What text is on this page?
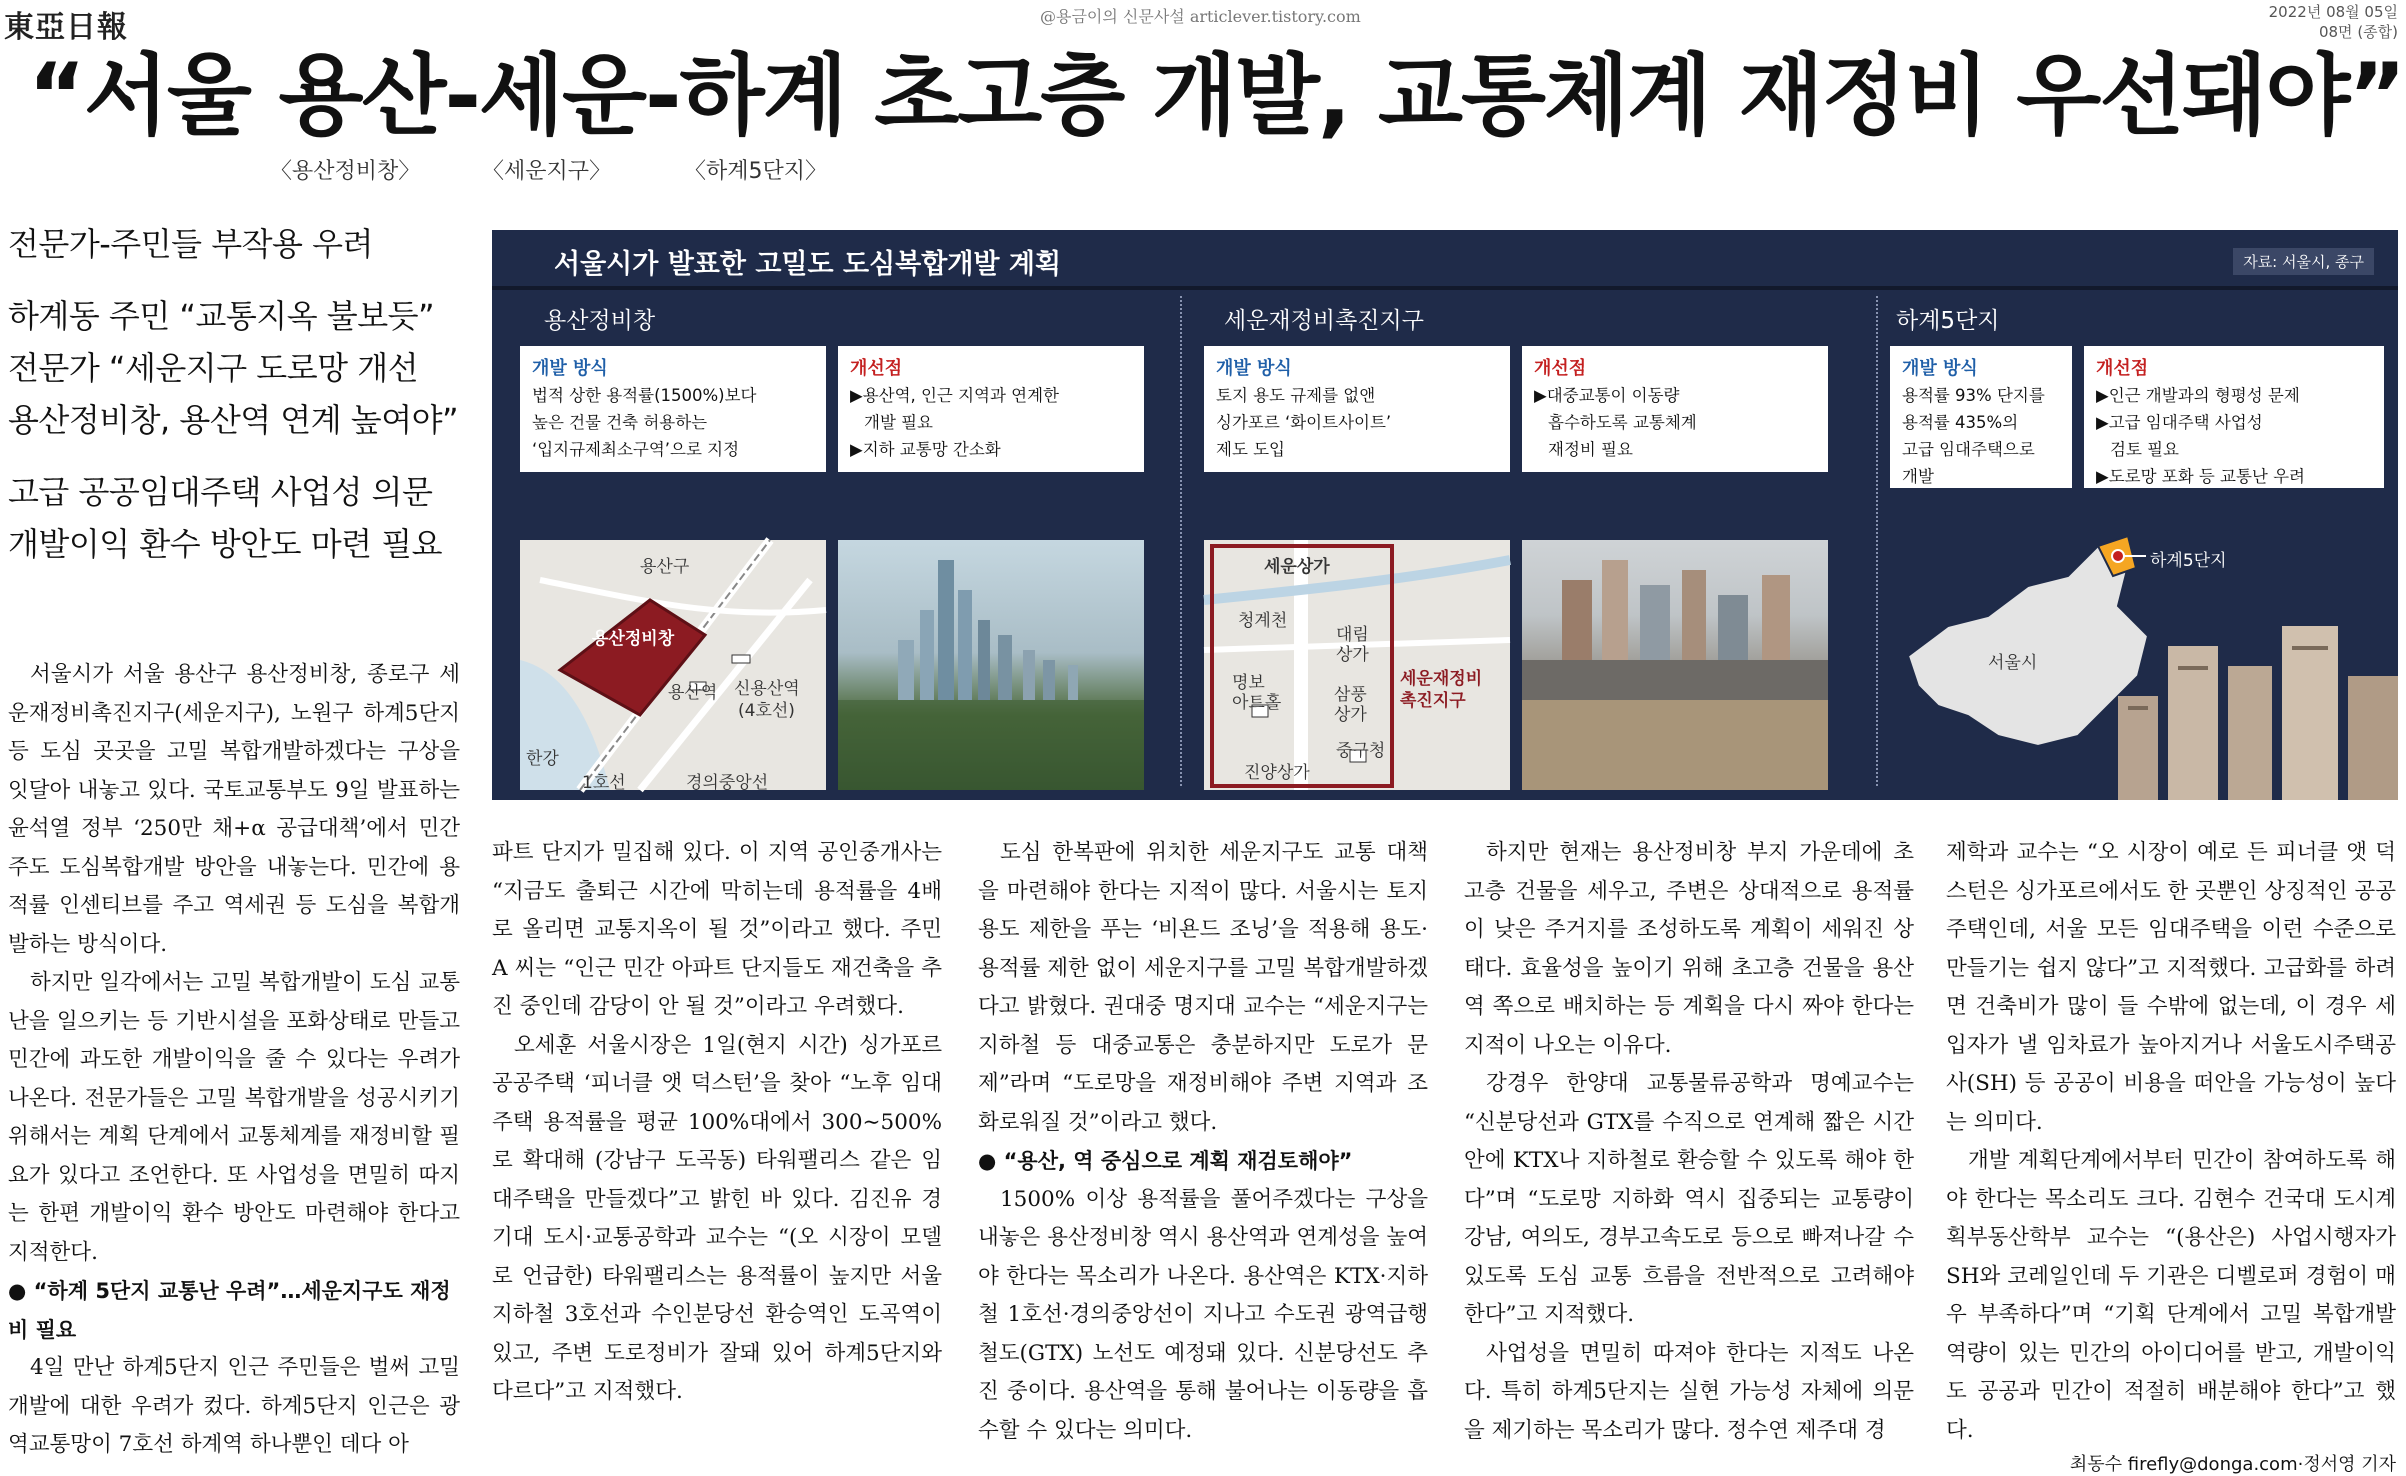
東亞日報	@용금이의 신문사설 articlever.tistory.com	2022년 08월 05일
08면 (종합)
“서울 용산-세운-하계 초고층 개발, 교통체계 재정비 우선돼야”
〈용산정비창〉	〈세운지구〉	〈하계5단지〉
전문가-주민들 부작용 우려
하계동 주민 “교통지옥 불보듯”
전문가 “세운지구 도로망 개선
용산정비창, 용산역 연계 높여야”
고급 공공임대주택 사업성 의문
개발이익 환수 방안도 마련 필요
서울시가 발표한 고밀도 도심복합개발 계획	자료: 서울시, 종구
용산정비창
개발 방식
법적 상한 용적률(1500%)보다
높은 건물 건축 허용하는
‘입지규제최소구역’으로 지정
개선점
▶용산역, 인근 지역과 연계한
개발 필요
▶지하 교통망 간소화
용산구
용산정비창
용산역 신용산역
(4호선)
한강
1호선	경의중앙선
세운재정비촉진지구
개발 방식
토지 용도 규제를 없앤
싱가포르 ‘화이트사이트’
제도 도입
개선점
▶대중교통이 이동량
흡수하도록 교통체계
재정비 필요
세운상가
청계천
대림
상가
명보
아트홀	삼풍
상가
세운재정비
촉진지구
중구청
진양상가
하계5단지
개발 방식
용적률 93% 단지를
용적률 435%의
고급 임대주택으로
개발
개선점
▶인근 개발과의 형평성 문제
▶고급 임대주택 사업성
검토 필요
▶도로망 포화 등 교통난 우려
하계5단지
서울시
서울시가 서울 용산구 용산정비창, 종로구 세운재정비촉진지구(세운지구), 노원구 하계5단지 등 도심 곳곳을 고밀 복합개발하겠다는 구상을 잇달아 내놓고 있다. 국토교통부도 9일 발표하는 윤석열 정부 ‘250만 채+α 공급대책’에서 민간주도 도심복합개발 방안을 내놓는다. 민간에 용적률 인센티브를 주고 역세권 등 도심을 복합개발하는 방식이다.
하지만 일각에서는 고밀 복합개발이 도심 교통난을 일으키는 등 기반시설을 포화상태로 만들고 민간에 과도한 개발이익을 줄 수 있다는 우려가 나온다. 전문가들은 고밀 복합개발을 성공시키기 위해서는 계획 단계에서 교통체계를 재정비할 필요가 있다고 조언한다. 또 사업성을 면밀히 따지는 한편 개발이익 환수 방안도 마련해야 한다고 지적한다.
● “하계 5단지 교통난 우려”…세운지구도 재정비 필요
4일 만난 하계5단지 인근 주민들은 벌써 고밀개발에 대한 우려가 컸다. 하계5단지 인근은 광역교통망이 7호선 하계역 하나뿐인 데다 아
파트 단지가 밀집해 있다. 이 지역 공인중개사는 “지금도 출퇴근 시간에 막히는데 용적률을 4배로 올리면 교통지옥이 될 것”이라고 했다. 주민 A 씨는 “인근 민간 아파트 단지들도 재건축을 추진 중인데 감당이 안 될 것”이라고 우려했다.
오세훈 서울시장은 1일(현지 시간) 싱가포르 공공주택 ‘피너클 앳 덕스턴’을 찾아 “노후 임대주택 용적률을 평균 100%대에서 300∼500%로 확대해 (강남구 도곡동) 타워팰리스 같은 임대주택을 만들겠다”고 밝힌 바 있다. 김진유 경기대 도시·교통공학과 교수는 “(오 시장이 모델로 언급한) 타워팰리스는 용적률이 높지만 서울지하철 3호선과 수인분당선 환승역인 도곡역이 있고, 주변 도로정비가 잘돼 있어 하계5단지와 다르다”고 지적했다.
도심 한복판에 위치한 세운지구도 교통 대책을 마련해야 한다는 지적이 많다. 서울시는 토지용도 제한을 푸는 ‘비욘드 조닝’을 적용해 용도·용적률 제한 없이 세운지구를 고밀 복합개발하겠다고 밝혔다. 권대중 명지대 교수는 “세운지구는 지하철 등 대중교통은 충분하지만 도로가 문제”라며 “도로망을 재정비해야 주변 지역과 조화로워질 것”이라고 했다.
● “용산, 역 중심으로 계획 재검토해야”
1500% 이상 용적률을 풀어주겠다는 구상을 내놓은 용산정비창 역시 용산역과 연계성을 높여야 한다는 목소리가 나온다. 용산역은 KTX·지하철 1호선·경의중앙선이 지나고 수도권 광역급행철도(GTX) 노선도 예정돼 있다. 신분당선도 추진 중이다. 용산역을 통해 불어나는 이동량을 흡수할 수 있다는 의미다.
하지만 현재는 용산정비창 부지 가운데에 초고층 건물을 세우고, 주변은 상대적으로 용적률이 낮은 주거지를 조성하도록 계획이 세워진 상태다. 효율성을 높이기 위해 초고층 건물을 용산역 쪽으로 배치하는 등 계획을 다시 짜야 한다는 지적이 나오는 이유다.
강경우 한양대 교통물류공학과 명예교수는 “신분당선과 GTX를 수직으로 연계해 짧은 시간 안에 KTX나 지하철로 환승할 수 있도록 해야 한다”며 “도로망 지하화 역시 집중되는 교통량이 강남, 여의도, 경부고속도로 등으로 빠져나갈 수 있도록 도심 교통 흐름을 전반적으로 고려해야 한다”고 지적했다.
사업성을 면밀히 따져야 한다는 지적도 나온다. 특히 하계5단지는 실현 가능성 자체에 의문을 제기하는 목소리가 많다. 정수연 제주대 경
제학과 교수는 “오 시장이 예로 든 피너클 앳 덕스턴은 싱가포르에서도 한 곳뿐인 상징적인 공공주택인데, 서울 모든 임대주택을 이런 수준으로 만들기는 쉽지 않다”고 지적했다. 고급화를 하려면 건축비가 많이 들 수밖에 없는데, 이 경우 세입자가 낼 임차료가 높아지거나 서울도시주택공사(SH) 등 공공이 비용을 떠안을 가능성이 높다는 의미다.
개발 계획단계에서부터 민간이 참여하도록 해야 한다는 목소리도 크다. 김현수 건국대 도시계획부동산학부 교수는 “(용산은) 사업시행자가 SH와 코레일인데 두 기관은 디벨로퍼 경험이 매우 부족하다”며 “기획 단계에서 고밀 복합개발 역량이 있는 민간의 아이디어를 받고, 개발이익도 공공과 민간이 적절히 배분해야 한다”고 했다.
최동수 firefly@donga.com·정서영 기자
